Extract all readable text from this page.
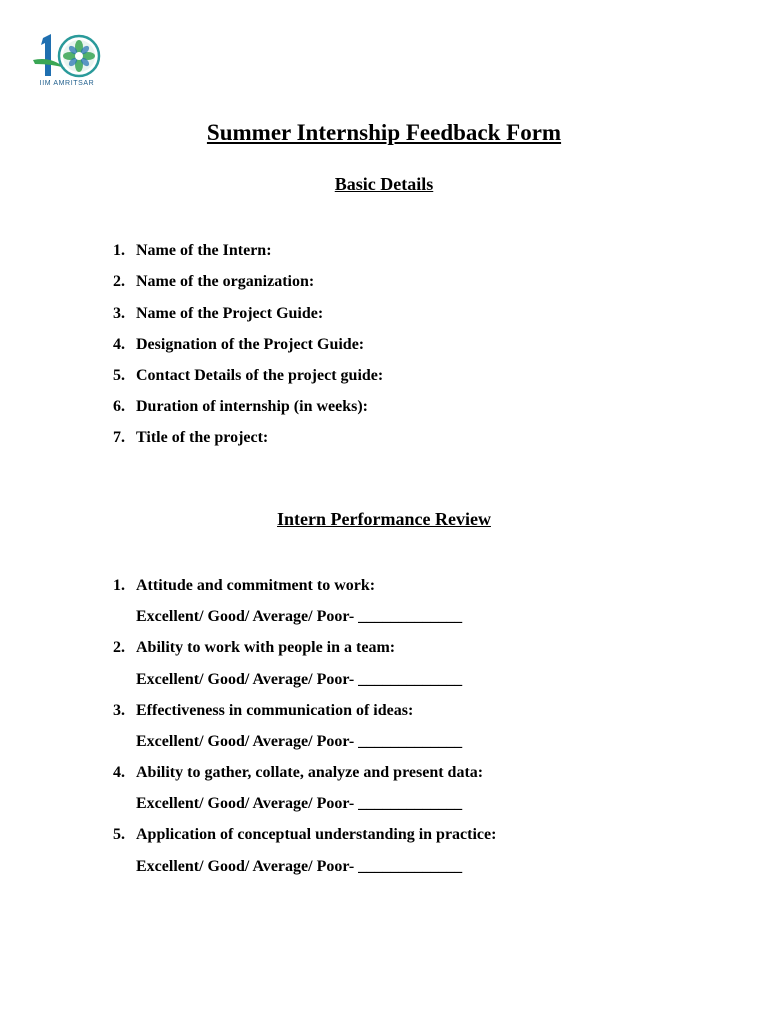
IIM AMRITSAR
Summer Internship Feedback Form
Basic Details
1. Name of the Intern:
2. Name of the organization:
3. Name of the Project Guide:
4. Designation of the Project Guide:
5. Contact Details of the project guide:
6. Duration of internship (in weeks):
7. Title of the project:
Intern Performance Review
1. Attitude and commitment to work:
Excellent/ Good/ Average/ Poor- _____________
2. Ability to work with people in a team:
Excellent/ Good/ Average/ Poor- _____________
3. Effectiveness in communication of ideas:
Excellent/ Good/ Average/ Poor- _____________
4. Ability to gather, collate, analyze and present data:
Excellent/ Good/ Average/ Poor- _____________
5. Application of conceptual understanding in practice:
Excellent/ Good/ Average/ Poor- _____________
